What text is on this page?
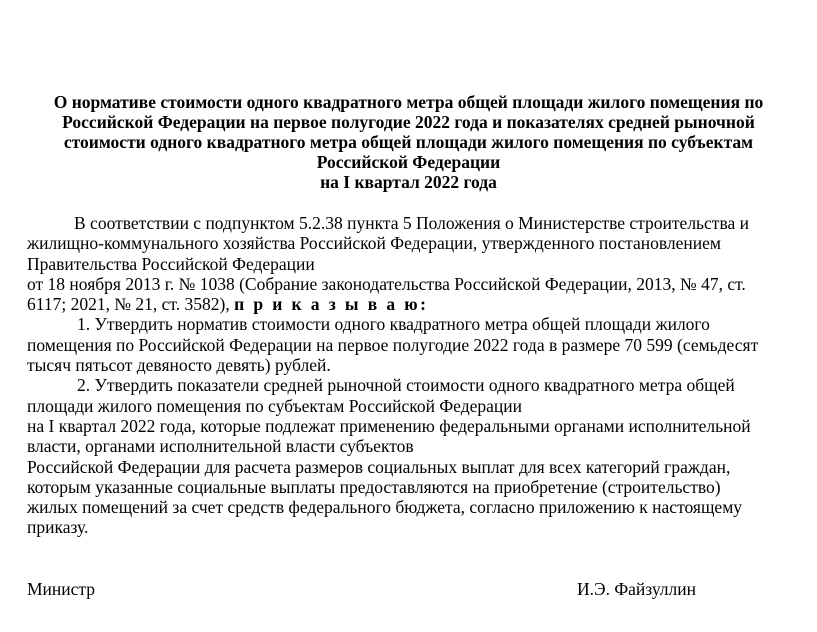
О нормативе стоимости одного квадратного метра общей площади жилого помещения по
Российской Федерации на первое полугодие 2022 года и показателях средней рыночной
стоимости одного квадратного метра общей площади жилого помещения по субъектам
Российской Федерации
на I квартал 2022 года
В соответствии с подпунктом 5.2.38 пункта 5 Положения о Министерстве строительства и
жилищно-коммунального хозяйства Российской Федерации, утвержденного постановлением
Правительства Российской Федерации
от 18 ноября 2013 г. № 1038 (Собрание законодательства Российской Федерации, 2013, № 47, ст.
6117; 2021, № 21, ст. 3582), п р и к а з ы в а ю:
1. Утвердить норматив стоимости одного квадратного метра общей площади жилого
помещения по Российской Федерации на первое полугодие 2022 года в размере 70 599 (семьдесят
тысяч пятьсот девяносто девять) рублей.
2. Утвердить показатели средней рыночной стоимости одного квадратного метра общей
площади жилого помещения по субъектам Российской Федерации
на I квартал 2022 года, которые подлежат применению федеральными органами исполнительной
власти, органами исполнительной власти субъектов
Российской Федерации для расчета размеров социальных выплат для всех категорий граждан,
которым указанные социальные выплаты предоставляются на приобретение (строительство)
жилых помещений за счет средств федерального бюджета, согласно приложению к настоящему
приказу.
Министр	И.Э. Файзуллин
